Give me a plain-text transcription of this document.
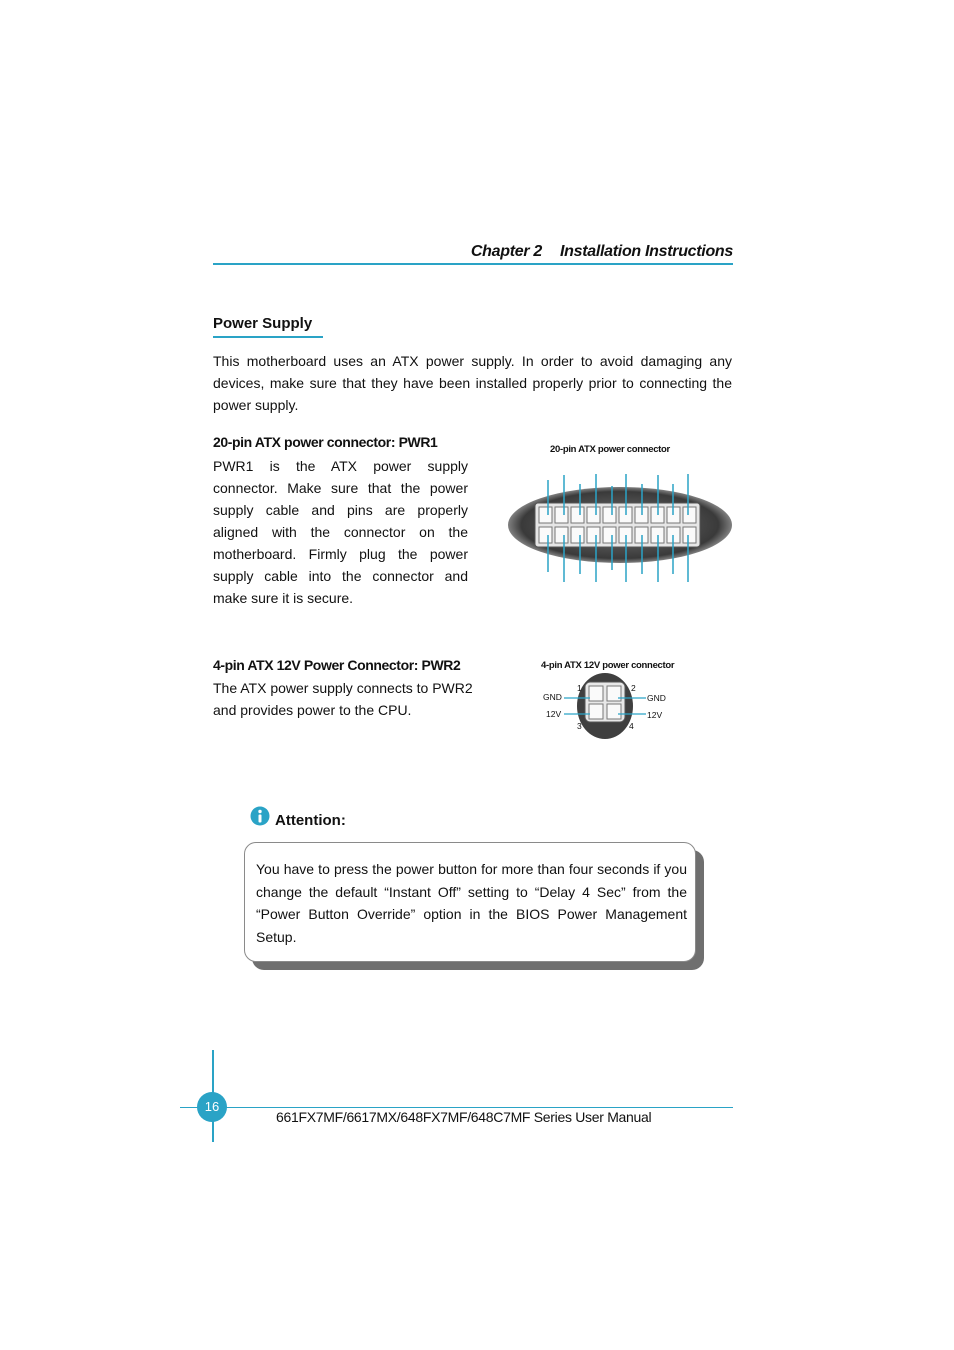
Chapter 2 Installation Instructions
Power Supply
This motherboard uses an ATX power supply. In order to avoid damaging any devices, make sure that they have been installed properly prior to connecting the power supply.
20-pin ATX power connector: PWR1
PWR1 is the ATX power supply connector. Make sure that the power supply cable and pins are properly aligned with the connector on the motherboard. Firmly plug the power supply cable into the connector and make sure it is secure.
20-pin ATX power connector
4-pin ATX 12V Power Connector: PWR2
The ATX power supply connects to PWR2 and provides power to the CPU.
4-pin ATX 12V power connector
1	2
3	4
GND	GND
12V	12V
Attention:
You have to press the power button for more than four seconds if you change the default “Instant Off” setting to “Delay 4 Sec” from the “Power Button Override” option in the BIOS Power Management Setup.
16
661FX7MF/6617MX/648FX7MF/648C7MF Series User Manual
